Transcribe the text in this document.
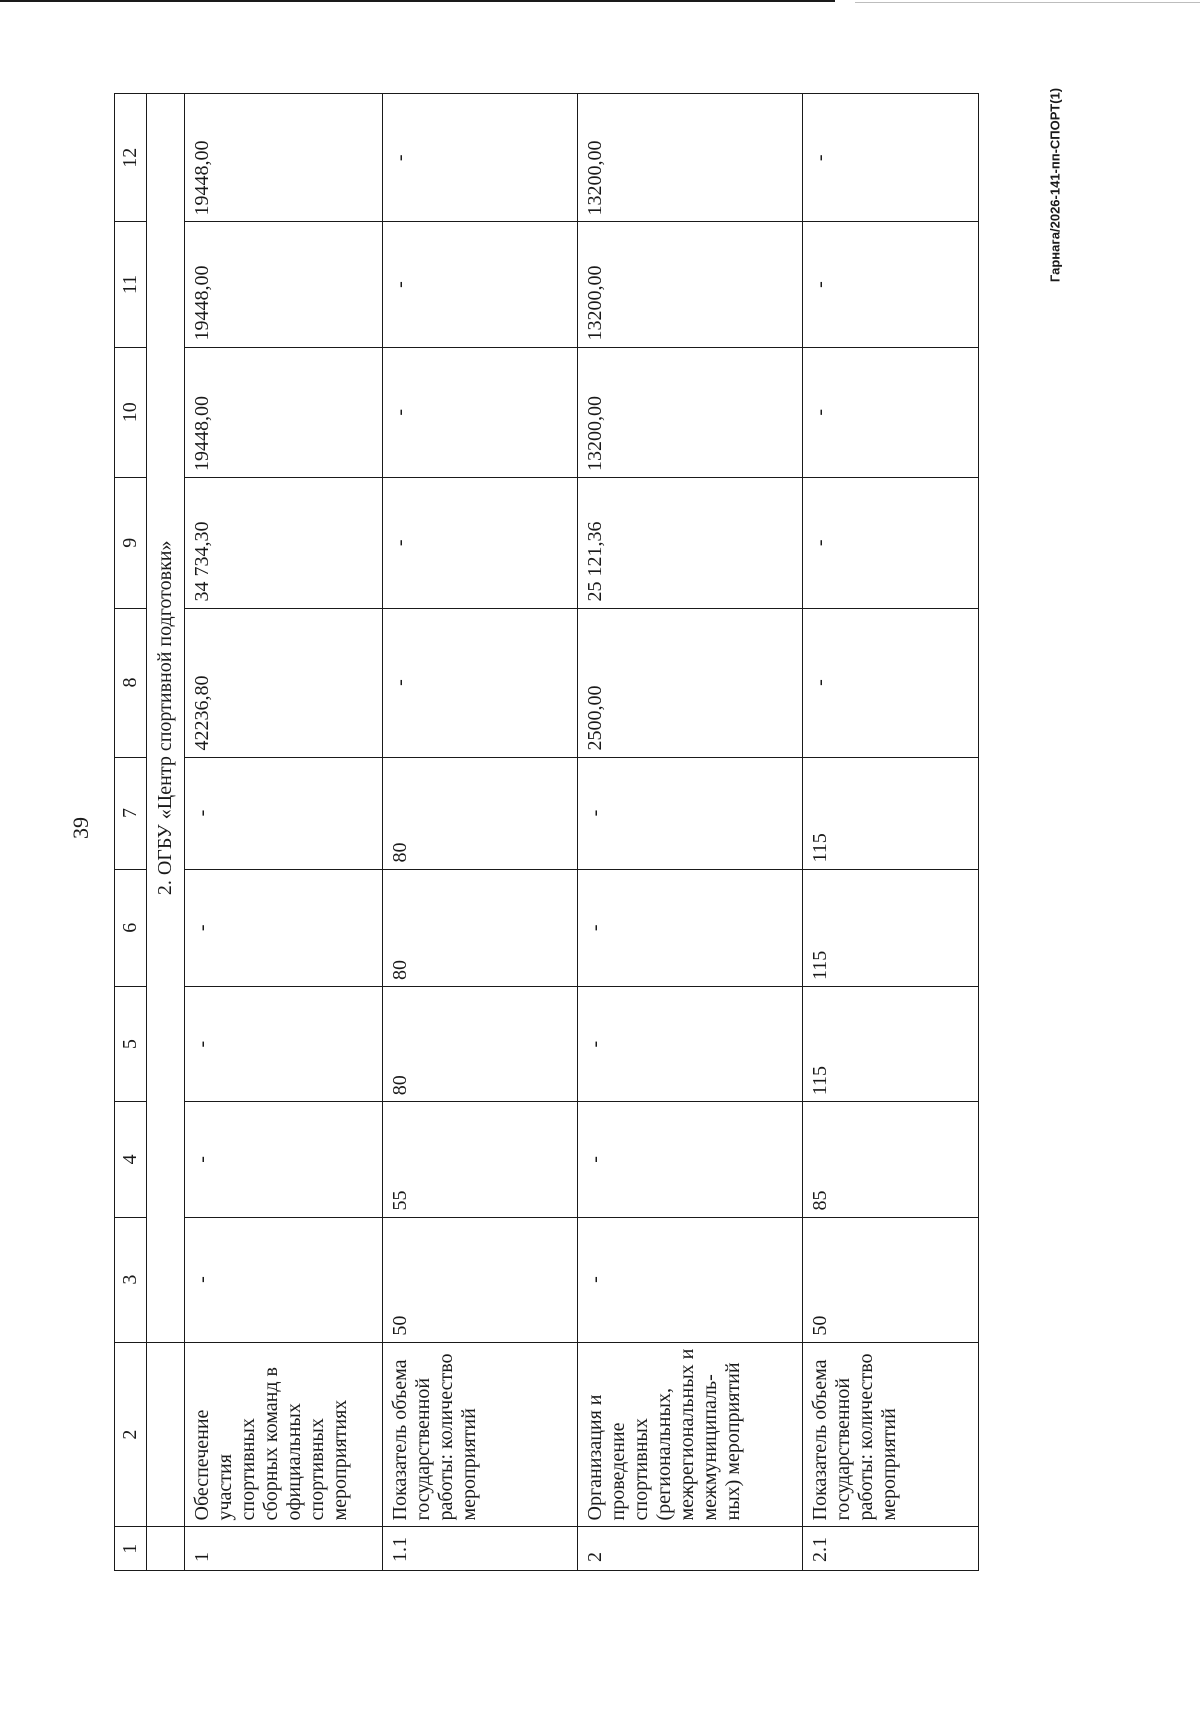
39
Гарнага/2026-141-пп-СПОРТ(1)
1	2	3	4	5	6	7	8	9	10	11	12
		2. ОГБУ «Центр спортивной подготовки»									
1	Обеспечение участия спортивных сборных команд в официальных спортивных мероприятиях	-	-	-	-	-	42236,80	34 734,30	19448,00	19448,00	19448,00
1.1	Показатель объема государственной работы: количество мероприятий	50	55	80	80	80	-	-	-	-	-
2	Организация и проведение спортивных (региональных, межрегиональных и межмуниципаль-ных) мероприятий	-	-	-	-	-	2500,00	25 121,36	13200,00	13200,00	13200,00
2.1	Показатель объема государственной работы: количество мероприятий	50	85	115	115	115	-	-	-	-	-
